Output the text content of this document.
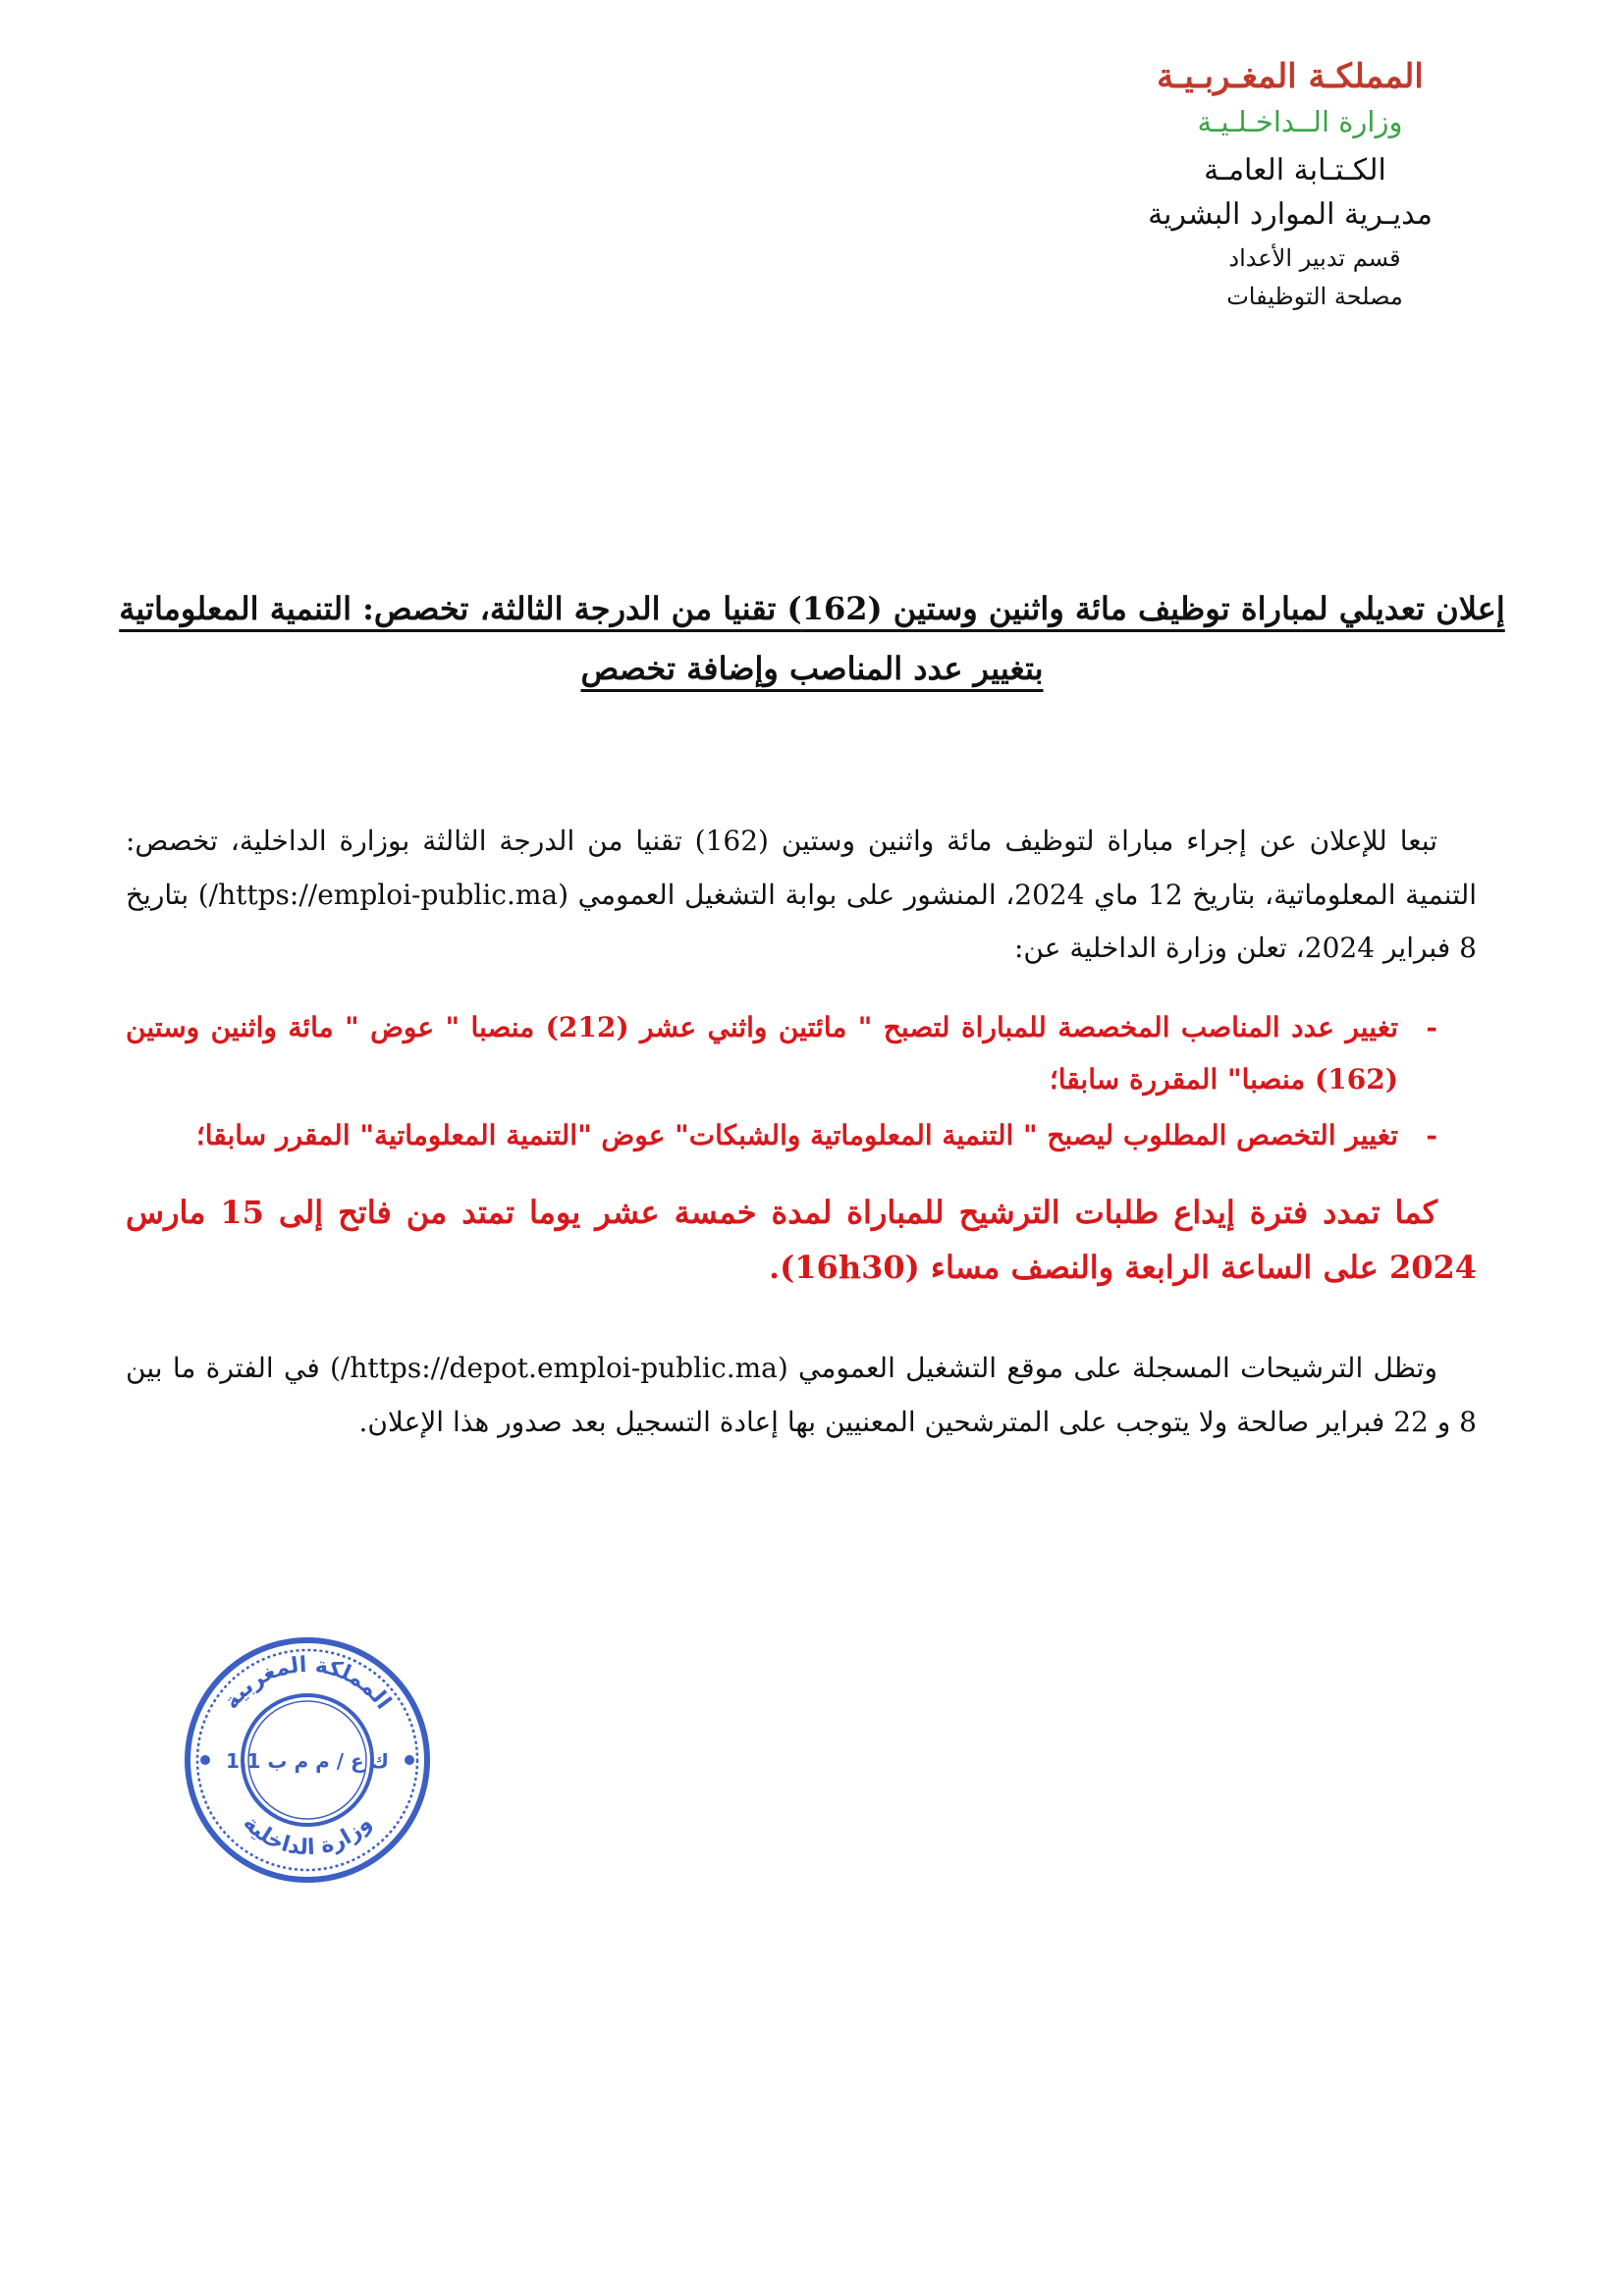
المملكـة المغـربـيـة
وزارة الــداخـلـيـة
الكـتـابة العامـة
مديـرية الموارد البشرية
قسم تدبير الأعداد
مصلحة التوظيفات
إعلان تعديلي لمباراة توظيف مائة واثنين وستين (162) تقنيا من الدرجة الثالثة، تخصص: التنمية المعلوماتية
بتغيير عدد المناصب وإضافة تخصص

تبعا للإعلان عن إجراء مباراة لتوظيف مائة واثنين وستين (162) تقنيا من الدرجة الثالثة بوزارة الداخلية، تخصص: التنمية المعلوماتية، بتاريخ 12 ماي 2024، المنشور على بوابة التشغيل العمومي (https://emploi-public.ma/) بتاريخ 8 فبراير 2024، تعلن وزارة الداخلية عن:

-
تغيير عدد المناصب المخصصة للمباراة لتصبح " مائتين واثني عشر (212) منصبا " عوض " مائة واثنين وستين (162) منصبا" المقررة سابقا؛
-
تغيير التخصص المطلوب ليصبح " التنمية المعلوماتية والشبكات" عوض "التنمية المعلوماتية" المقرر سابقا؛

كما تمدد فترة إيداع طلبات الترشيح للمباراة لمدة خمسة عشر يوما تمتد من فاتح إلى 15 مارس 2024 على الساعة الرابعة والنصف مساء (16h30).

وتظل الترشيحات المسجلة على موقع التشغيل العمومي (https://depot.emploi-public.ma/) في الفترة ما بين 8 و 22 فبراير صالحة ولا يتوجب على المترشحين المعنيين بها إعادة التسجيل بعد صدور هذا الإعلان.

المملكة المغربية
وزارة الداخلية
ك ع / م م ب 1.1
